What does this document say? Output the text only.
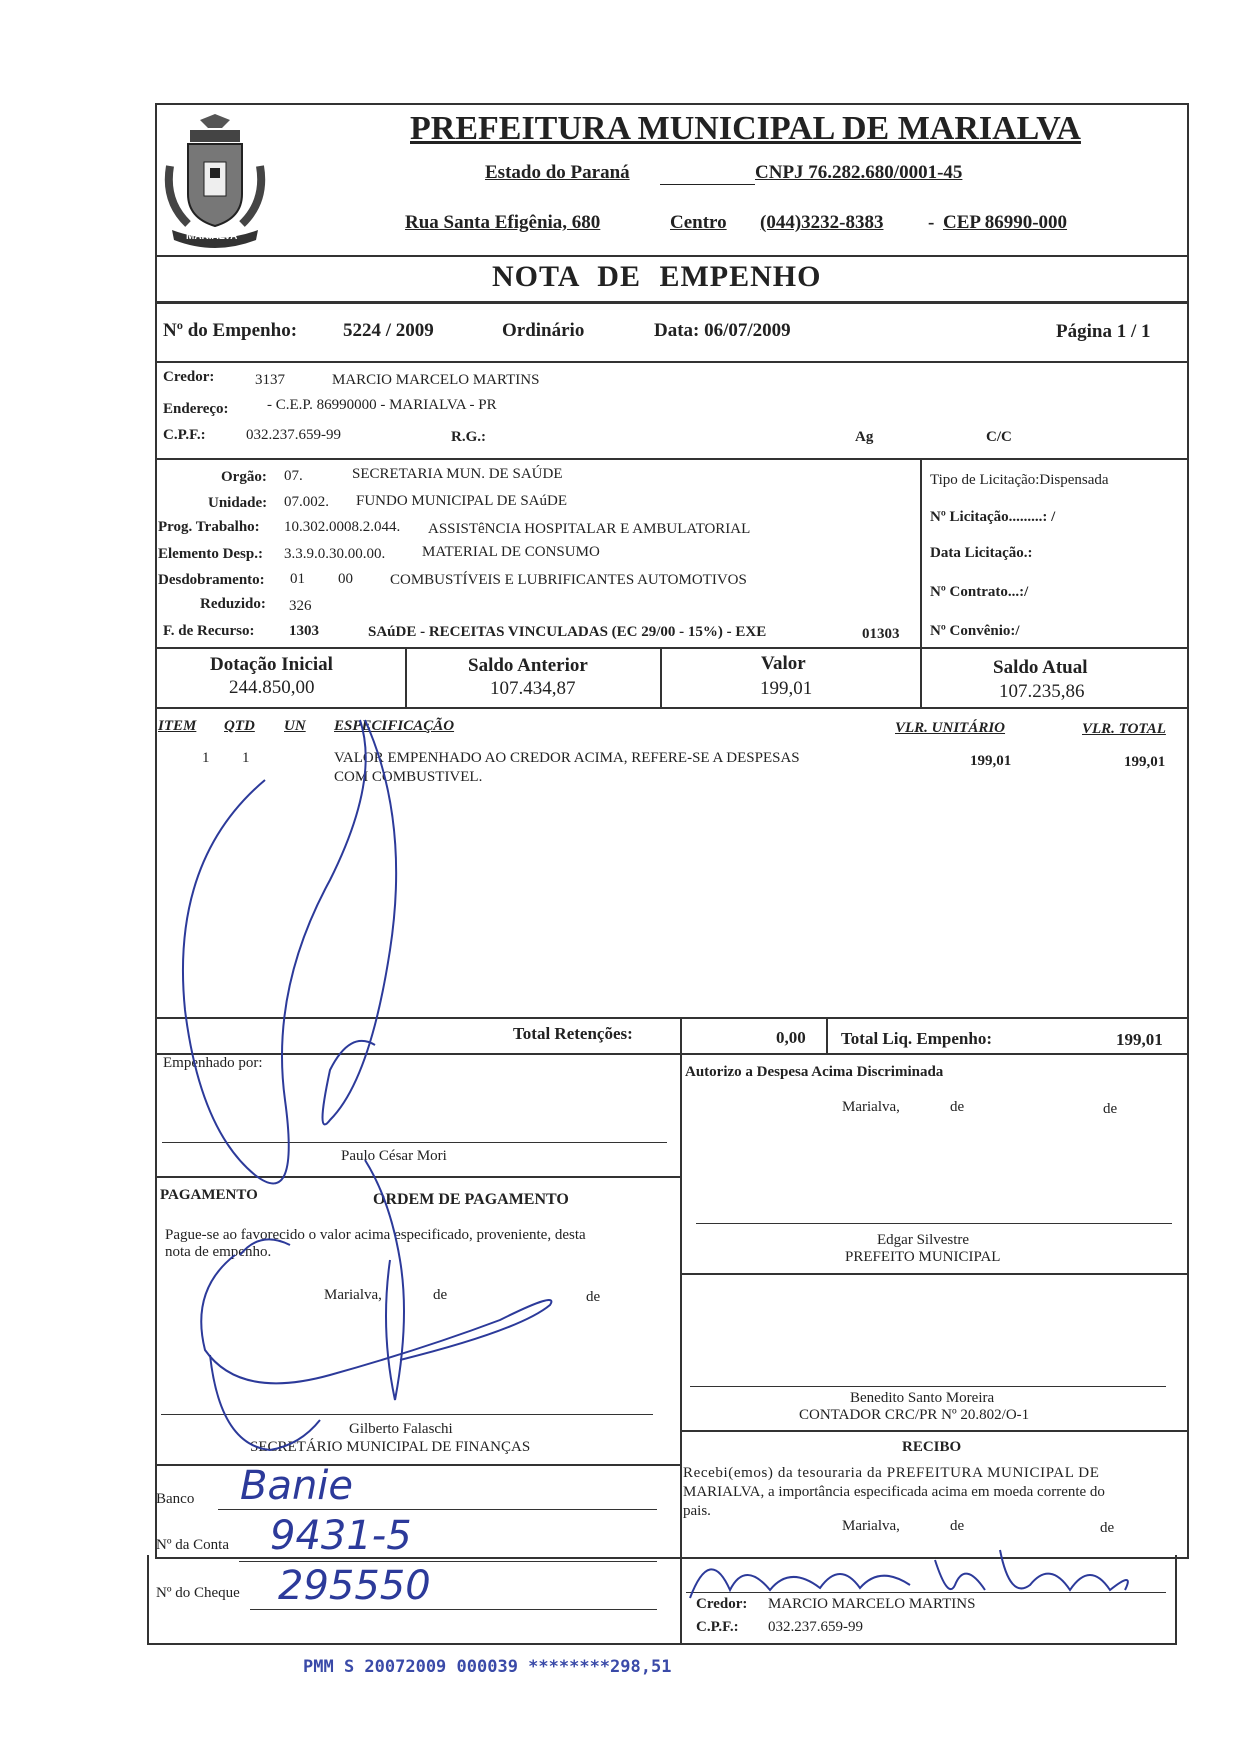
MARIALVA
PREFEITURA MUNICIPAL DE MARIALVA
Estado do Paraná	CNPJ 76.282.680/0001-45
Rua Santa Efigênia, 680	Centro (044)3232-8383 - CEP 86990-000
NOTA DE EMPENHO
Nº do Empenho: 5224 / 2009	Ordinário	Data: 06/07/2009	Página 1 / 1
Credor:	3137	MARCIO MARCELO MARTINS
Endereço:	- C.E.P. 86990000 - MARIALVA - PR
C.P.F.:	032.237.659-99	R.G.:	Ag	C/C
Orgão: 07.	SECRETARIA MUN. DE SAÚDE
Unidade: 07.002. FUNDO MUNICIPAL DE SAúDE
Prog. Trabalho: 10.302.0008.2.044. ASSISTêNCIA HOSPITALAR E AMBULATORIAL
Elemento Desp.: 3.3.9.0.30.00.00. MATERIAL DE CONSUMO
Desdobramento: 01 00 COMBUSTÍVEIS E LUBRIFICANTES AUTOMOTIVOS
Reduzido: 326
F. de Recurso: 1303	SAúDE - RECEITAS VINCULADAS (EC 29/00 - 15%) - EXE	01303
Tipo de Licitação:Dispensada
Nº Licitação.........: /
Data Licitação.:
Nº Contrato...:/
Nº Convênio:/
Dotação Inicial
244.850,00
Saldo Anterior
107.434,87
Valor
199,01
Saldo Atual
107.235,86
ITEM QTD UN ESPECIFICAÇÃO	VLR. UNITÁRIO	VLR. TOTAL
1 1	VALOR EMPENHADO AO CREDOR ACIMA, REFERE-SE A DESPESAS
COM COMBUSTIVEL.
199,01	199,01
Total Retenções:	0,00 Total Liq. Empenho:	199,01
Empenhado por:
Paulo César Mori
PAGAMENTO	ORDEM DE PAGAMENTO
Pague-se ao favorecido o valor acima especificado, proveniente, desta
nota de empenho.
Marialva,	de	de
Gilberto Falaschi
SECRETÁRIO MUNICIPAL DE FINANÇAS
Banco
Nº da Conta
Nº do Cheque
Banie
9431-5
295550
Autorizo a Despesa Acima Discriminada
Marialva,	de	de
Edgar Silvestre
PREFEITO MUNICIPAL
Benedito Santo Moreira
CONTADOR CRC/PR Nº 20.802/O-1
RECIBO
Recebi(emos) da tesouraria da PREFEITURA MUNICIPAL DE
MARIALVA, a importância especificada acima em moeda corrente do
pais.
Marialva,	de	de
Credor: MARCIO MARCELO MARTINS
C.P.F.: 032.237.659-99
PMM S 20072009 000039 ********298,51
